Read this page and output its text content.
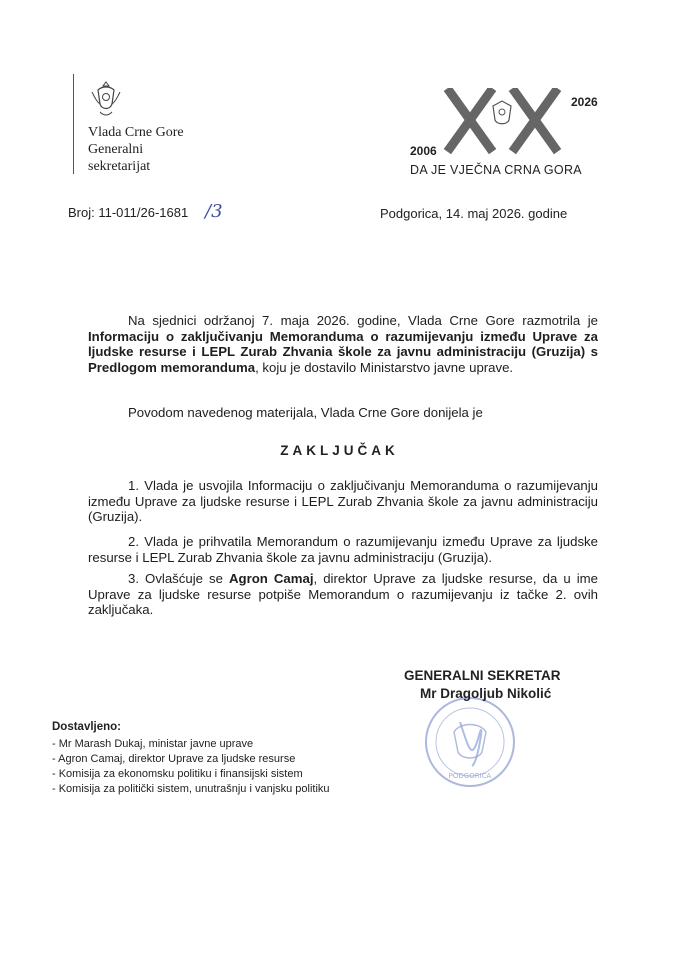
Vlada Crne Gore
Generalni
sekretarijat
2006
2026
DA JE VJEČNA CRNA GORA
Broj: 11-011/26-1681 /3	Podgorica, 14. maj 2026. godine
Na sjednici održanoj 7. maja 2026. godine, Vlada Crne Gore razmotrila je Informaciju o zaključivanju Memoranduma o razumijevanju između Uprave za ljudske resurse i LEPL Zurab Zhvania škole za javnu administraciju (Gruzija) s Predlogom memoranduma, koju je dostavilo Ministarstvo javne uprave.
Povodom navedenog materijala, Vlada Crne Gore donijela je
ZAKLJUČAK
1. Vlada je usvojila Informaciju o zaključivanju Memoranduma o razumijevanju između Uprave za ljudske resurse i LEPL Zurab Zhvania škole za javnu administraciju (Gruzija).
2. Vlada je prihvatila Memorandum o razumijevanju između Uprave za ljudske resurse i LEPL Zurab Zhvania škole za javnu administraciju (Gruzija).
3. Ovlašćuje se Agron Camaj, direktor Uprave za ljudske resurse, da u ime Uprave za ljudske resurse potpiše Memorandum o razumijevanju iz tačke 2. ovih zaključaka.
PODGORICA
GENERALNI SEKRETAR
Mr Dragoljub Nikolić
Dostavljeno:
- Mr Marash Dukaj, ministar javne uprave
- Agron Camaj, direktor Uprave za ljudske resurse
- Komisija za ekonomsku politiku i finansijski sistem
- Komisija za politički sistem, unutrašnju i vanjsku politiku
